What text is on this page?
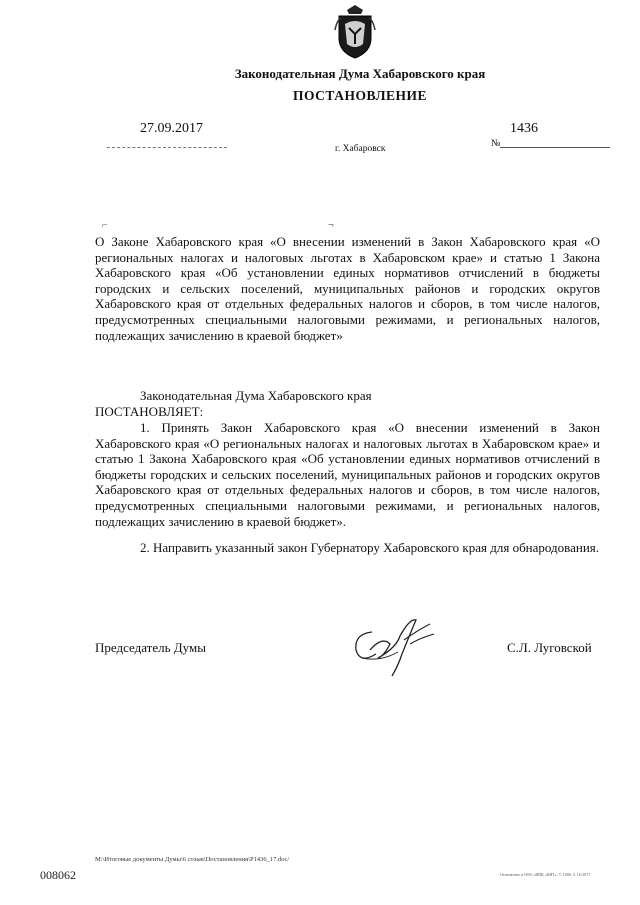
Законодательная Дума Хабаровского края
ПОСТАНОВЛЕНИЕ
27.09.2017
г. Хабаровск
1436
№
⌐	¬
О Законе Хабаровского края «О внесении изменений в Закон Хабаровского края «О региональных налогах и налоговых льготах в Хабаровском крае» и статью 1 Закона Хабаровского края «Об установлении единых нормативов отчислений в бюджеты городских и сельских поселений, муниципальных районов и городских округов Хабаровского края от отдельных федеральных налогов и сборов, в том числе налогов, предусмотренных специальными налоговыми режимами, и региональных налогов, подлежащих зачислению в краевой бюджет»
Законодательная Дума Хабаровского края
ПОСТАНОВЛЯЕТ:
1. Принять Закон Хабаровского края «О внесении изменений в Закон Хабаровского края «О региональных налогах и налоговых льготах в Хабаровском крае» и статью 1 Закона Хабаровского края «Об установлении единых нормативов отчислений в бюджеты городских и сельских поселений, муниципальных районов и городских округов Хабаровского края от отдельных федеральных налогов и сборов, в том числе налогов, предусмотренных специальными налоговыми режимами, и региональных налогов, подлежащих зачислению в краевой бюджет».
2. Направить указанный закон Губернатору Хабаровского края для обнародования.
Председатель Думы	С.Л. Луговской
M:\Итоговые документы Думы\6 созыв\Постановления\P1436_17.doc/
008062	Отпечатано в ООО «ИПК «КИТ». Т. 1000. З. 16-2017
